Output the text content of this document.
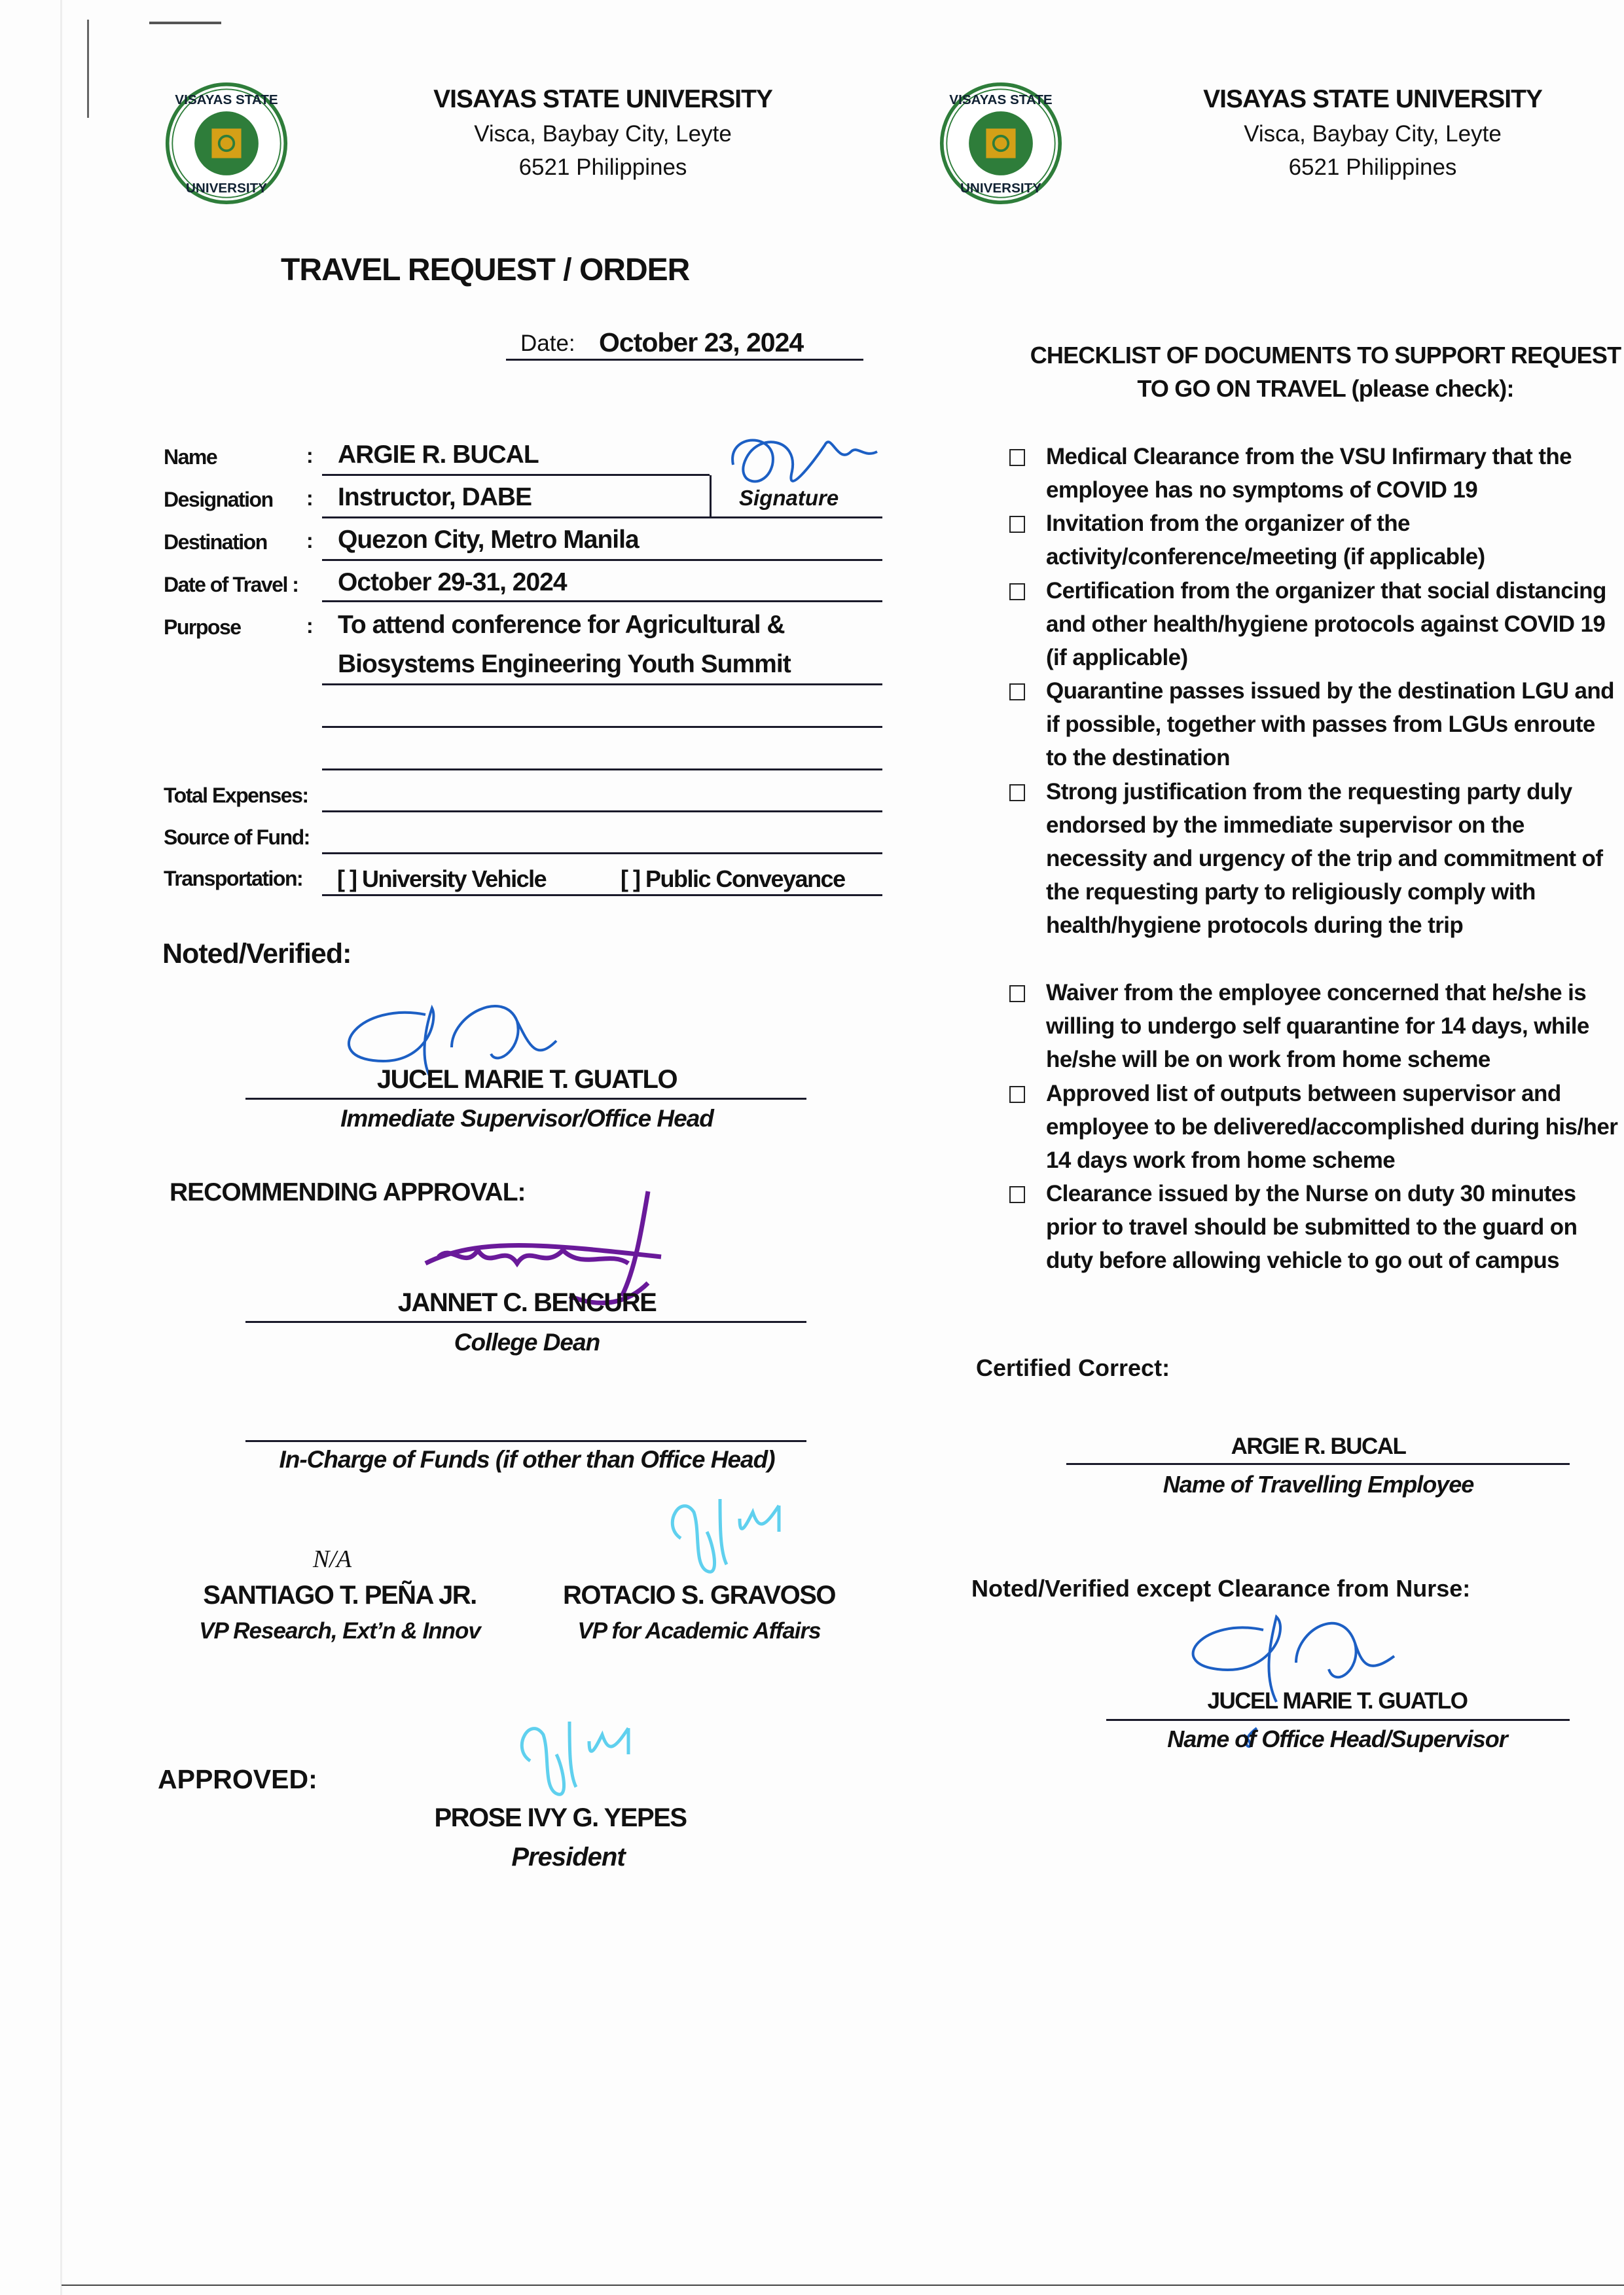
VISAYAS STATE
UNIVERSITY
VISAYAS STATE UNIVERSITY
Visca, Baybay City, Leyte
6521 Philippines
VISAYAS STATE
UNIVERSITY
VISAYAS STATE UNIVERSITY
Visca, Baybay City, Leyte
6521 Philippines
TRAVEL REQUEST / ORDER
Date: October 23, 2024
Name	: ARGIE R. BUCAL
Signature
Designation : Instructor, DABE
Destination : Quezon City, Metro Manila
Date of Travel : October 29-31, 2024
Purpose	: To attend conference for Agricultural &
Biosystems Engineering Youth Summit
Total Expenses:
Source of Fund:
Transportation: [ ] University Vehicle	[ ] Public Conveyance
Noted/Verified:
JUCEL MARIE T. GUATLO
Immediate Supervisor/Office Head
RECOMMENDING APPROVAL:
JANNET C. BENCURE
College Dean
In-Charge of Funds (if other than Office Head)
N/A
SANTIAGO T. PEÑA JR.
VP Research, Ext’n & Innov
ROTACIO S. GRAVOSO
VP for Academic Affairs
APPROVED:
PROSE IVY G. YEPES
President
CHECKLIST OF DOCUMENTS TO SUPPORT REQUEST
TO GO ON TRAVEL (please check):
Medical Clearance from the VSU Infirmary that the employee has no symptoms of COVID 19
Invitation from the organizer of the activity/conference/meeting (if applicable)
Certification from the organizer that social distancing and other health/hygiene protocols against COVID 19 (if applicable)
Quarantine passes issued by the destination LGU and if possible, together with passes from LGUs enroute to the destination
Strong justification from the requesting party duly endorsed by the immediate supervisor on the necessity and urgency of the trip and commitment of the requesting party to religiously comply with health/hygiene protocols during the trip
Waiver from the employee concerned that he/she is willing to undergo self quarantine for 14 days, while he/she will be on work from home scheme
Approved list of outputs between supervisor and employee to be delivered/accomplished during his/her 14 days work from home scheme
Clearance issued by the Nurse on duty 30 minutes prior to travel should be submitted to the guard on duty before allowing vehicle to go out of campus
Certified Correct:
ARGIE R. BUCAL
Name of Travelling Employee
Noted/Verified except Clearance from Nurse:
JUCEL MARIE T. GUATLO
Name of Office Head/Supervisor
